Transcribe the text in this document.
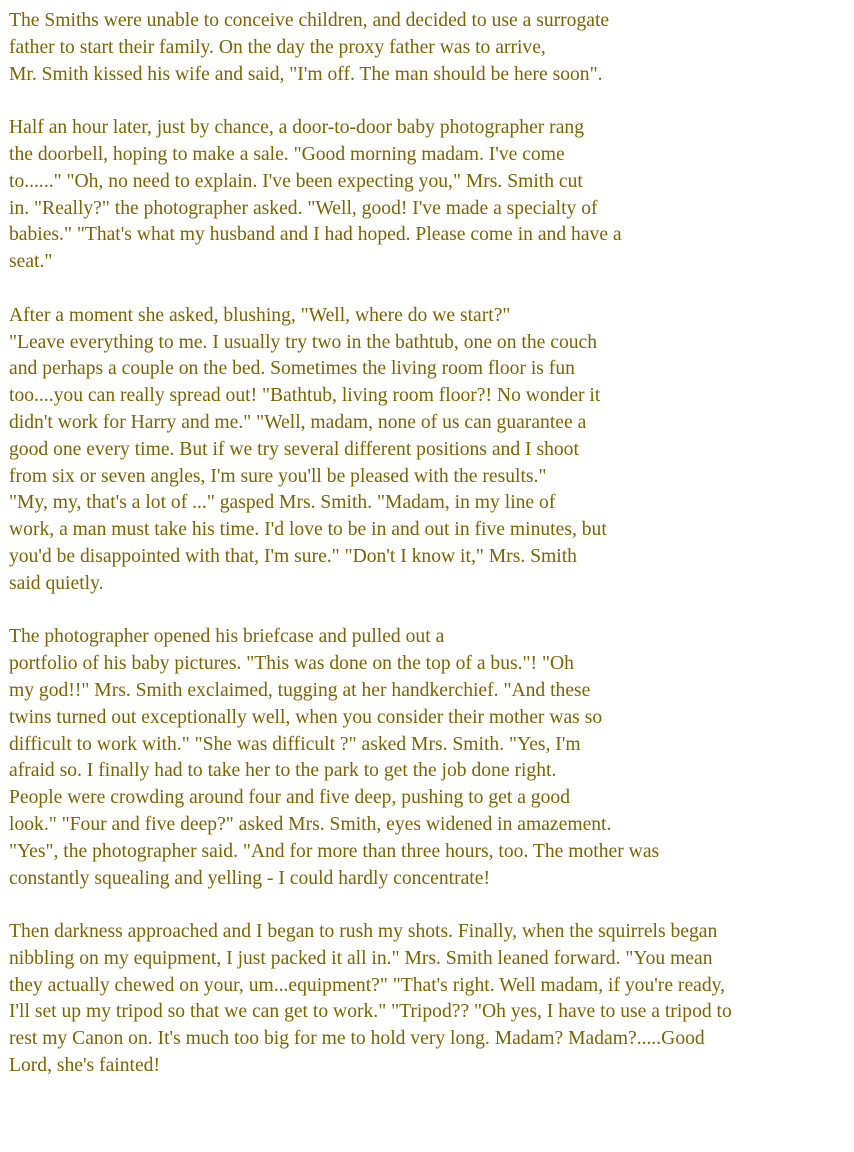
The Smiths were unable to conceive children, and decided to use a surrogate
father to start their family. On the day the proxy father was to arrive,
Mr. Smith kissed his wife and said, "I'm off. The man should be here soon".

Half an hour later, just by chance, a door-to-door baby photographer rang
the doorbell, hoping to make a sale. "Good morning madam. I've come
to......" "Oh, no need to explain. I've been expecting you," Mrs. Smith cut
in. "Really?" the photographer asked. "Well, good! I've made a specialty of
babies." "That's what my husband and I had hoped. Please come in and have a
seat."

After a moment she asked, blushing, "Well, where do we start?"
"Leave everything to me. I usually try two in the bathtub, one on the couch
and perhaps a couple on the bed. Sometimes the living room floor is fun
too....you can really spread out! "Bathtub, living room floor?! No wonder it
didn't work for Harry and me." "Well, madam, none of us can guarantee a
good one every time. But if we try several different positions and I shoot
from six or seven angles, I'm sure you'll be pleased with the results."
"My, my, that's a lot of ..." gasped Mrs. Smith. "Madam, in my line of
work, a man must take his time. I'd love to be in and out in five minutes, but
you'd be disappointed with that, I'm sure." "Don't I know it," Mrs. Smith
said quietly.

The photographer opened his briefcase and pulled out a
portfolio of his baby pictures. "This was done on the top of a bus."! "Oh
my god!!" Mrs. Smith exclaimed, tugging at her handkerchief. "And these
twins turned out exceptionally well, when you consider their mother was so
difficult to work with." "She was difficult ?" asked Mrs. Smith. "Yes, I'm
afraid so. I finally had to take her to the park to get the job done right.
People were crowding around four and five deep, pushing to get a good
look." "Four and five deep?" asked Mrs. Smith, eyes widened in amazement.
"Yes", the photographer said. "And for more than three hours, too. The mother was
constantly squealing and yelling - I could hardly concentrate!

Then darkness approached and I began to rush my shots. Finally, when the squirrels began
nibbling on my equipment, I just packed it all in." Mrs. Smith leaned forward. "You mean
they actually chewed on your, um...equipment?" "That's right. Well madam, if you're ready,
I'll set up my tripod so that we can get to work." "Tripod?? "Oh yes, I have to use a tripod to
rest my Canon on. It's much too big for me to hold very long. Madam? Madam?.....Good
Lord, she's fainted!
